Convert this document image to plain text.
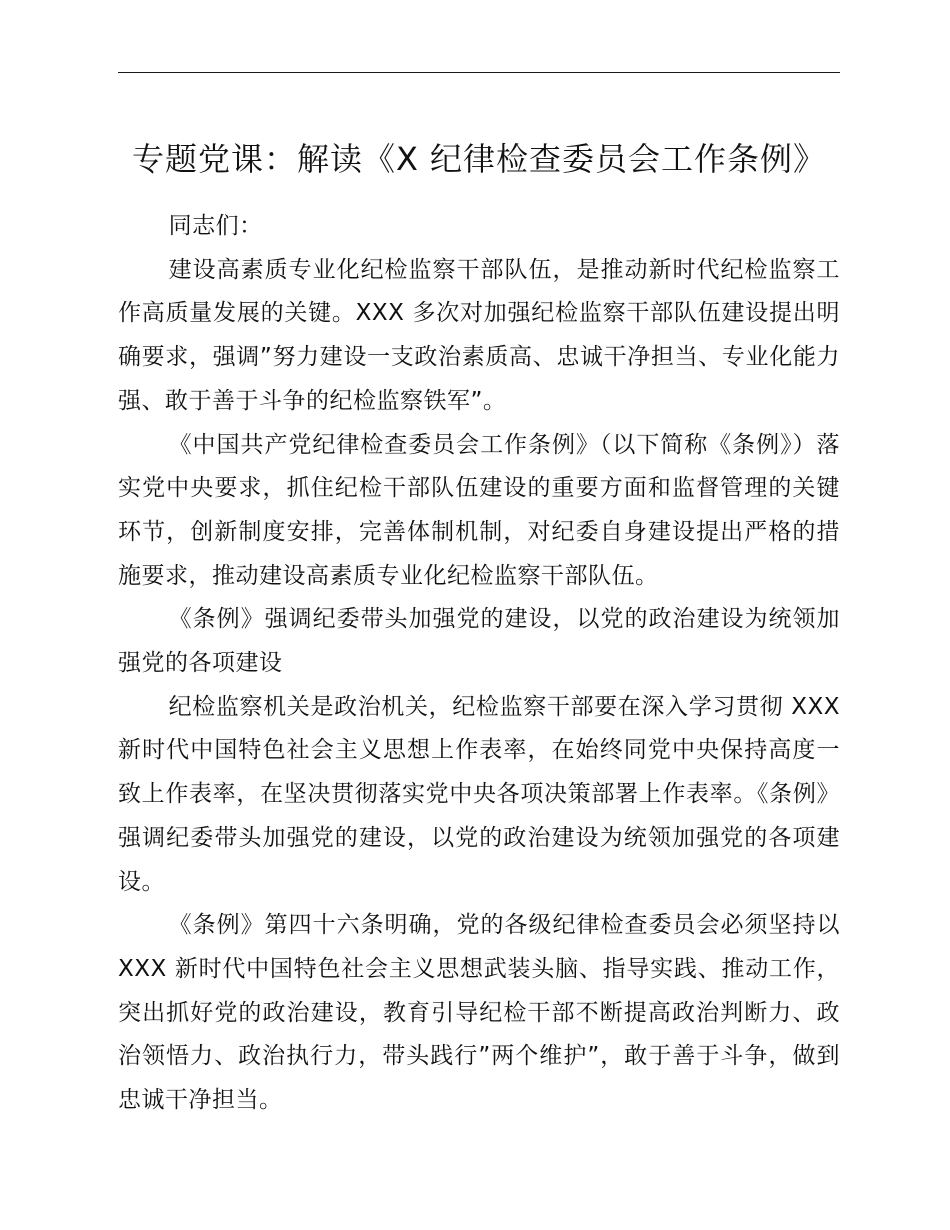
专题党课：解读《X 纪律检查委员会工作条例》

同志们：

建设高素质专业化纪检监察干部队伍，是推动新时代纪检监察工作高质量发展的关键。XXX 多次对加强纪检监察干部队伍建设提出明确要求，强调”努力建设一支政治素质高、忠诚干净担当、专业化能力强、敢于善于斗争的纪检监察铁军”。

《中国共产党纪律检查委员会工作条例》（以下简称《条例》）落实党中央要求，抓住纪检干部队伍建设的重要方面和监督管理的关键环节，创新制度安排，完善体制机制，对纪委自身建设提出严格的措施要求，推动建设高素质专业化纪检监察干部队伍。

《条例》强调纪委带头加强党的建设，以党的政治建设为统领加强党的各项建设

纪检监察机关是政治机关，纪检监察干部要在深入学习贯彻 XXX 新时代中国特色社会主义思想上作表率，在始终同党中央保持高度一致上作表率，在坚决贯彻落实党中央各项决策部署上作表率。《条例》强调纪委带头加强党的建设，以党的政治建设为统领加强党的各项建设。

《条例》第四十六条明确，党的各级纪律检查委员会必须坚持以 XXX 新时代中国特色社会主义思想武装头脑、指导实践、推动工作，突出抓好党的政治建设，教育引导纪检干部不断提高政治判断力、政治领悟力、政治执行力，带头践行”两个维护”，敢于善于斗争，做到忠诚干净担当。
